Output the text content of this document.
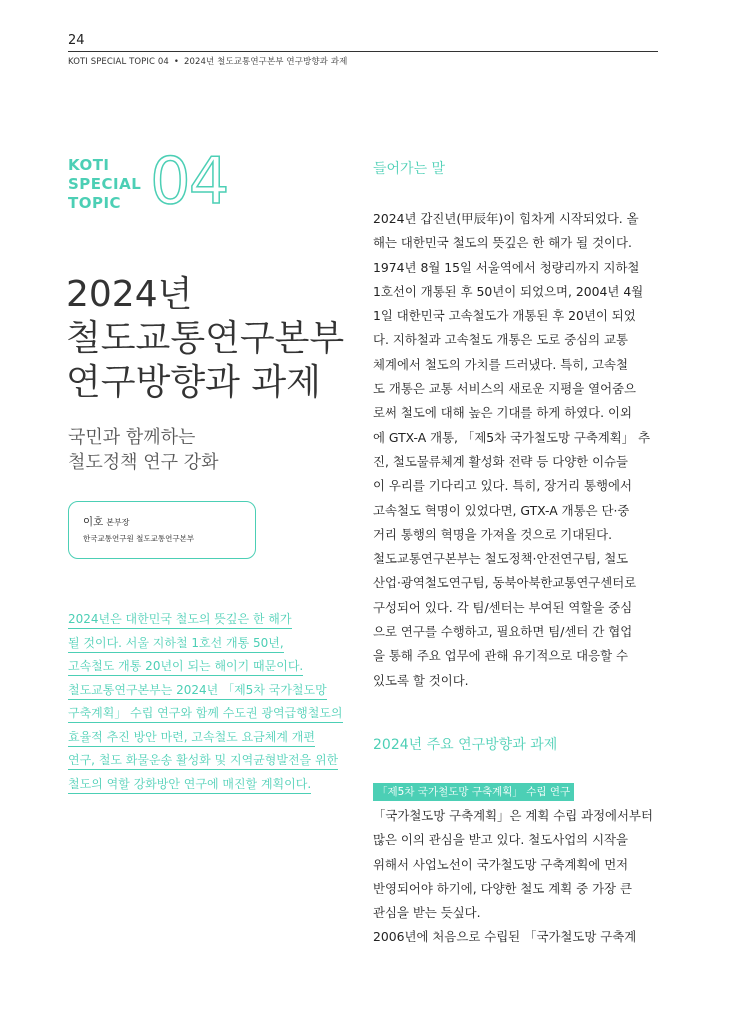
24
KOTI SPECIAL TOPIC 04 • 2024년 철도교통연구본부 연구방향과 과제
KOTI
SPECIAL
TOPIC 04
2024년
철도교통연구본부
연구방향과 과제
국민과 함께하는
철도정책 연구 강화
이호 본부장
한국교통연구원 철도교통연구본부
2024년은 대한민국 철도의 뜻깊은 한 해가
될 것이다. 서울 지하철 1호선 개통 50년,
고속철도 개통 20년이 되는 해이기 때문이다.
철도교통연구본부는 2024년 「제5차 국가철도망
구축계획」 수립 연구와 함께 수도권 광역급행철도의
효율적 추진 방안 마련, 고속철도 요금체계 개편
연구, 철도 화물운송 활성화 및 지역균형발전을 위한
철도의 역할 강화방안 연구에 매진할 계획이다.
들어가는 말
2024년 갑진년(甲辰年)이 힘차게 시작되었다. 올
해는 대한민국 철도의 뜻깊은 한 해가 될 것이다.
1974년 8월 15일 서울역에서 청량리까지 지하철
1호선이 개통된 후 50년이 되었으며, 2004년 4월
1일 대한민국 고속철도가 개통된 후 20년이 되었
다. 지하철과 고속철도 개통은 도로 중심의 교통
체계에서 철도의 가치를 드러냈다. 특히, 고속철
도 개통은 교통 서비스의 새로운 지평을 열어줌으
로써 철도에 대해 높은 기대를 하게 하였다. 이외
에 GTX-A 개통, 「제5차 국가철도망 구축계획」 추
진, 철도물류체계 활성화 전략 등 다양한 이슈들
이 우리를 기다리고 있다. 특히, 장거리 통행에서
고속철도 혁명이 있었다면, GTX-A 개통은 단·중
거리 통행의 혁명을 가져올 것으로 기대된다.
철도교통연구본부는 철도정책·안전연구팀, 철도
산업·광역철도연구팀, 동북아북한교통연구센터로
구성되어 있다. 각 팀/센터는 부여된 역할을 중심
으로 연구를 수행하고, 필요하면 팀/센터 간 협업
을 통해 주요 업무에 관해 유기적으로 대응할 수
있도록 할 것이다.
2024년 주요 연구방향과 과제
「제5차 국가철도망 구축계획」 수립 연구
「국가철도망 구축계획」은 계획 수립 과정에서부터
많은 이의 관심을 받고 있다. 철도사업의 시작을
위해서 사업노선이 국가철도망 구축계획에 먼저
반영되어야 하기에, 다양한 철도 계획 중 가장 큰
관심을 받는 듯싶다.
2006년에 처음으로 수립된 「국가철도망 구축계
